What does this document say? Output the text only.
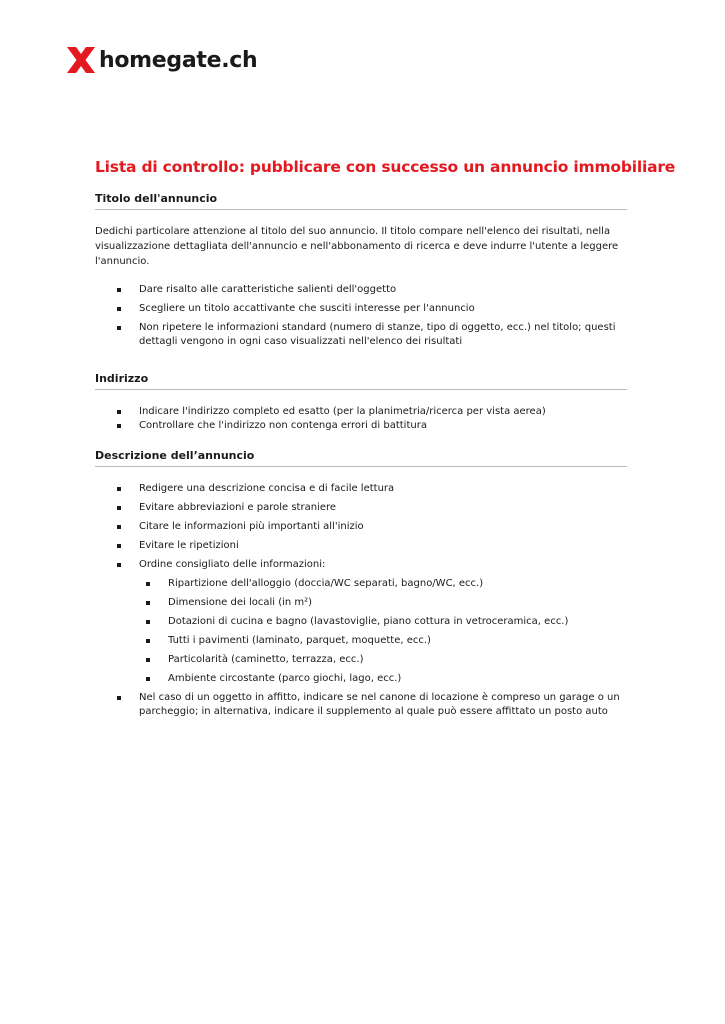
homegate.ch
Lista di controllo: pubblicare con successo un annuncio immobiliare
Titolo dell'annuncio

Dedichi particolare attenzione al titolo del suo annuncio. Il titolo compare nell'elenco dei risultati, nella visualizzazione dettagliata dell'annuncio e nell'abbonamento di ricerca e deve indurre l'utente a leggere l'annuncio.

Dare risalto alle caratteristiche salienti dell'oggetto
Scegliere un titolo accattivante che susciti interesse per l'annuncio
Non ripetere le informazioni standard (numero di stanze, tipo di oggetto, ecc.) nel titolo; questi dettagli vengono in ogni caso visualizzati nell'elenco dei risultati
Indirizzo
Indicare l'indirizzo completo ed esatto (per la planimetria/ricerca per vista aerea)
Controllare che l'indirizzo non contenga errori di battitura
Descrizione dell’annuncio
Redigere una descrizione concisa e di facile lettura
Evitare abbreviazioni e parole straniere
Citare le informazioni più importanti all'inizio
Evitare le ripetizioni
Ordine consigliato delle informazioni:
Ripartizione dell'alloggio (doccia/WC separati, bagno/WC, ecc.)
Dimensione dei locali (in m²)
Dotazioni di cucina e bagno (lavastoviglie, piano cottura in vetroceramica, ecc.)
Tutti i pavimenti (laminato, parquet, moquette, ecc.)
Particolarità (caminetto, terrazza, ecc.)
Ambiente circostante (parco giochi, lago, ecc.)
Nel caso di un oggetto in affitto, indicare se nel canone di locazione è compreso un garage o un parcheggio; in alternativa, indicare il supplemento al quale può essere affittato un posto auto
